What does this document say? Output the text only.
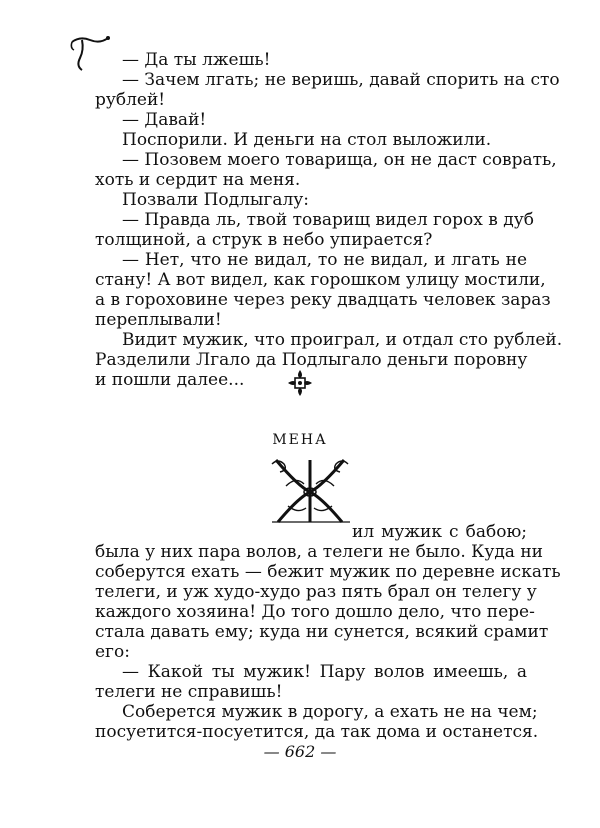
— Да ты лжешь!
— Зачем лгать; не веришь, давай спорить на сто
рублей!
— Давай!
Поспорили. И деньги на стол выложили.
— Позовем моего товарища, он не даст соврать,
хоть и сердит на меня.
Позвали Подлыгалу:
— Правда ль, твой товарищ видел горох в дуб
толщиной, а струк в небо упирается?
— Нет, что не видал, то не видал, и лгать не
стану! А вот видел, как горошком улицу мостили,
а в гороховине через реку двадцать человек зараз
переплывали!
Видит мужик, что проиграл, и отдал сто рублей.
Разделили Лгало да Подлыгало деньги поровну
и пошли далее...
МЕНА
ил мужик с бабою;
была у них пара волов, а телеги не было. Куда ни
соберутся ехать — бежит мужик по деревне искать
телеги, и уж худо-худо раз пять брал он телегу у
каждого хозяина! До того дошло дело, что пере-
стала давать ему; куда ни сунется, всякий срамит
его:
— Какой ты мужик! Пару волов имеешь, а
телеги не справишь!
Соберется мужик в дорогу, а ехать не на чем;
посуетится-посуетится, да так дома и останется.
— 662 —
